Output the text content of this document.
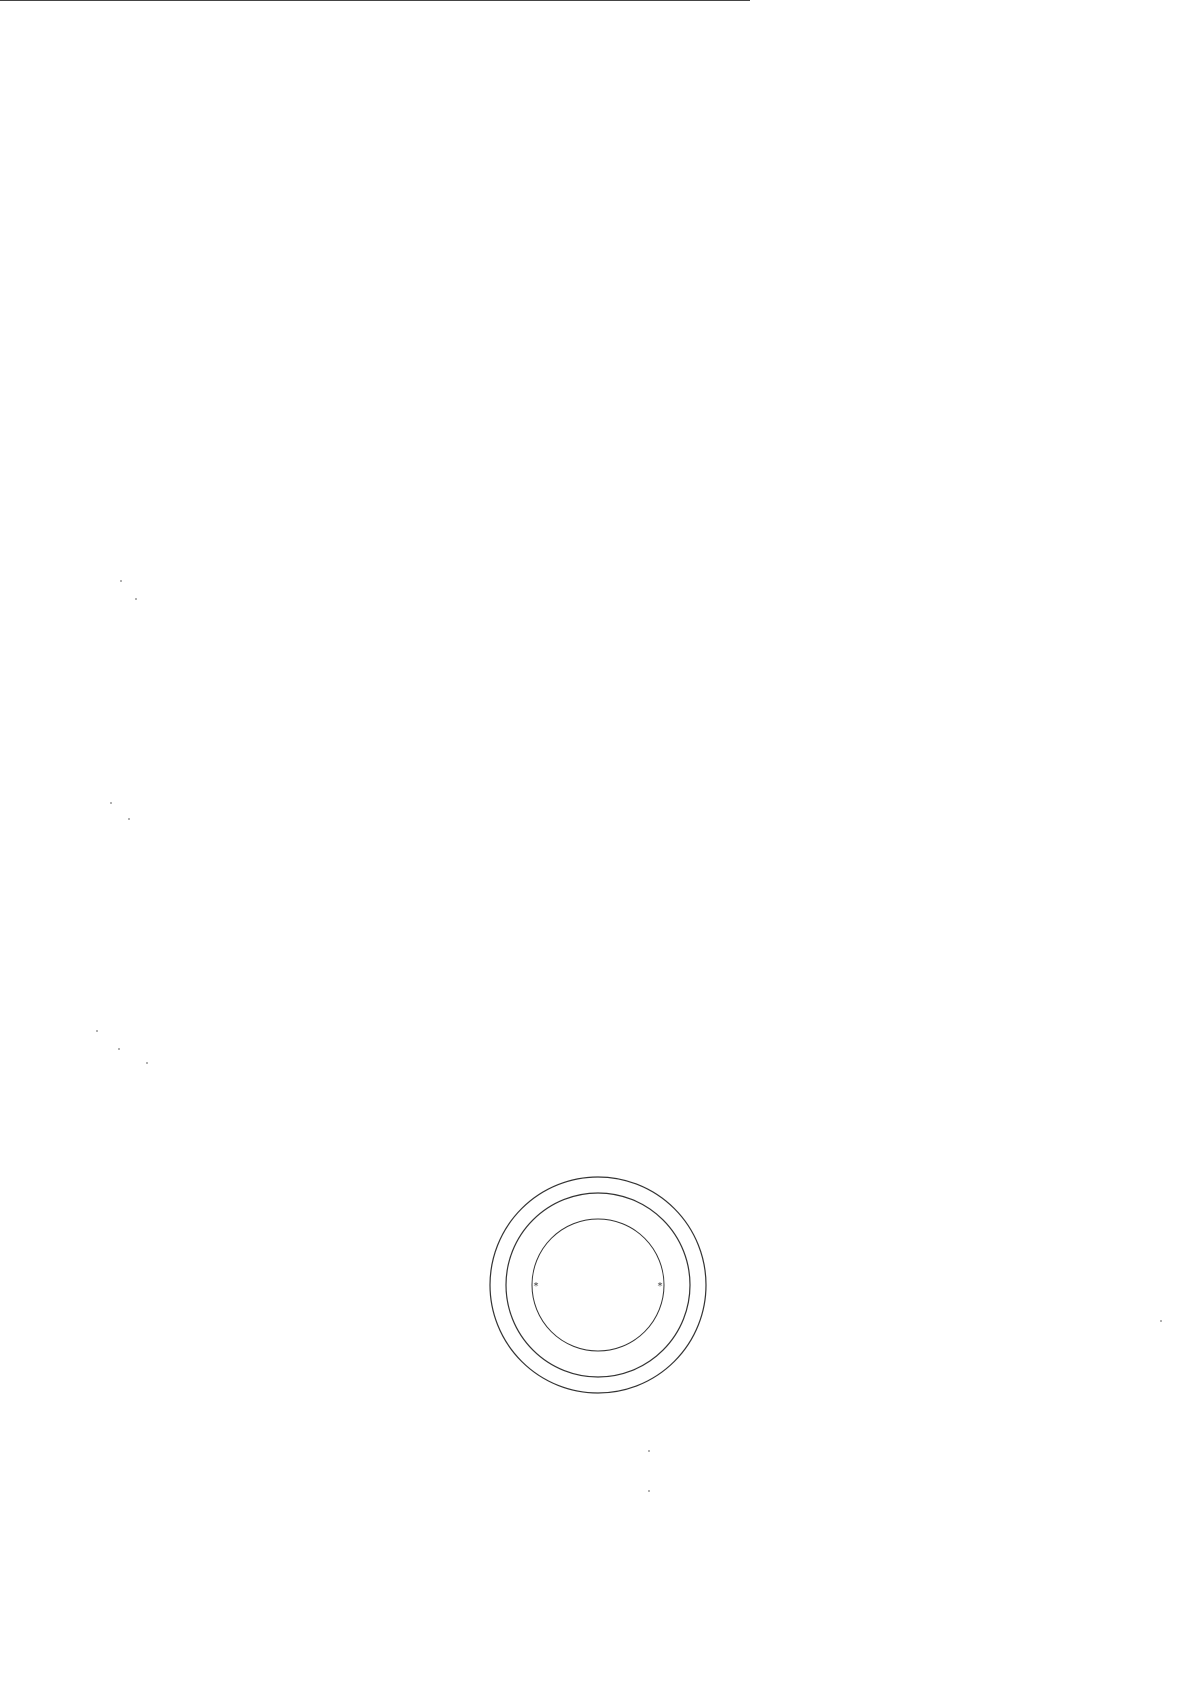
*	*
